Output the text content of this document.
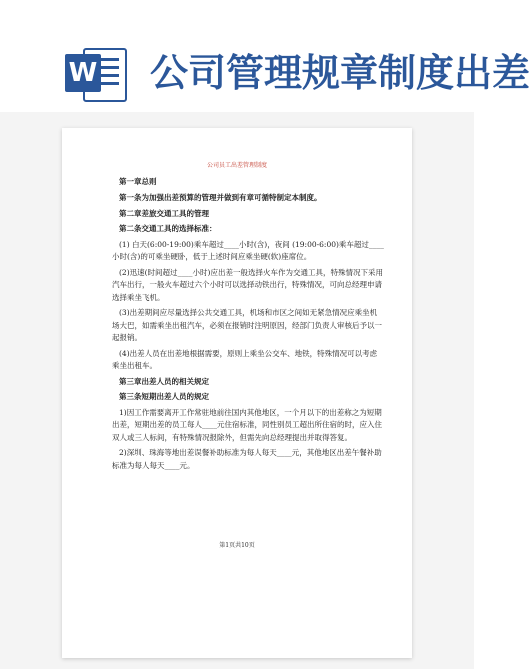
W 公司管理规章制度出差
公司员工出差管理制度

第一章总则

第一条为加强出差预算的管理并做到有章可循特制定本制度。

第二章差旅交通工具的管理

第二条交通工具的选择标准：

(1) 白天(6:00-19:00)乘车超过____小时(含)，夜间 (19:00-6:00)乘车超过____小时(含)的可乘坐硬卧，低于上述时间应乘坐硬(软)座席位。

(2)迅速(时间超过____小时)应出差一般选择火车作为交通工具，特殊情况下采用汽车出行，一般火车超过六个小时可以选择动铁出行，特殊情况，可向总经理申请选择乘坐飞机。

(3)出差期间应尽量选择公共交通工具，机场和市区之间如无紧急情况应乘坐机场大巴，如需乘坐出租汽车，必须在报销时注明原因，经部门负责人审核后予以一起报销。

(4)出差人员在出差地根据需要，原则上乘坐公交车、地铁，特殊情况可以考虑乘坐出租车。

第三章出差人员的相关规定

第三条短期出差人员的规定

1)因工作需要离开工作常驻地前往国内其他地区，一个月以下的出差称之为短期出差，短期出差的员工每人____元住宿标准，同性别员工超出所住宿的时，应入住双人或三人标间，有特殊情况报除外，但需先向总经理提出并取得答复。

2)深圳、珠海等地出差误餐补助标准为每人每天____元，其他地区出差午餐补助标准为每人每天____元。

第1页共10页
